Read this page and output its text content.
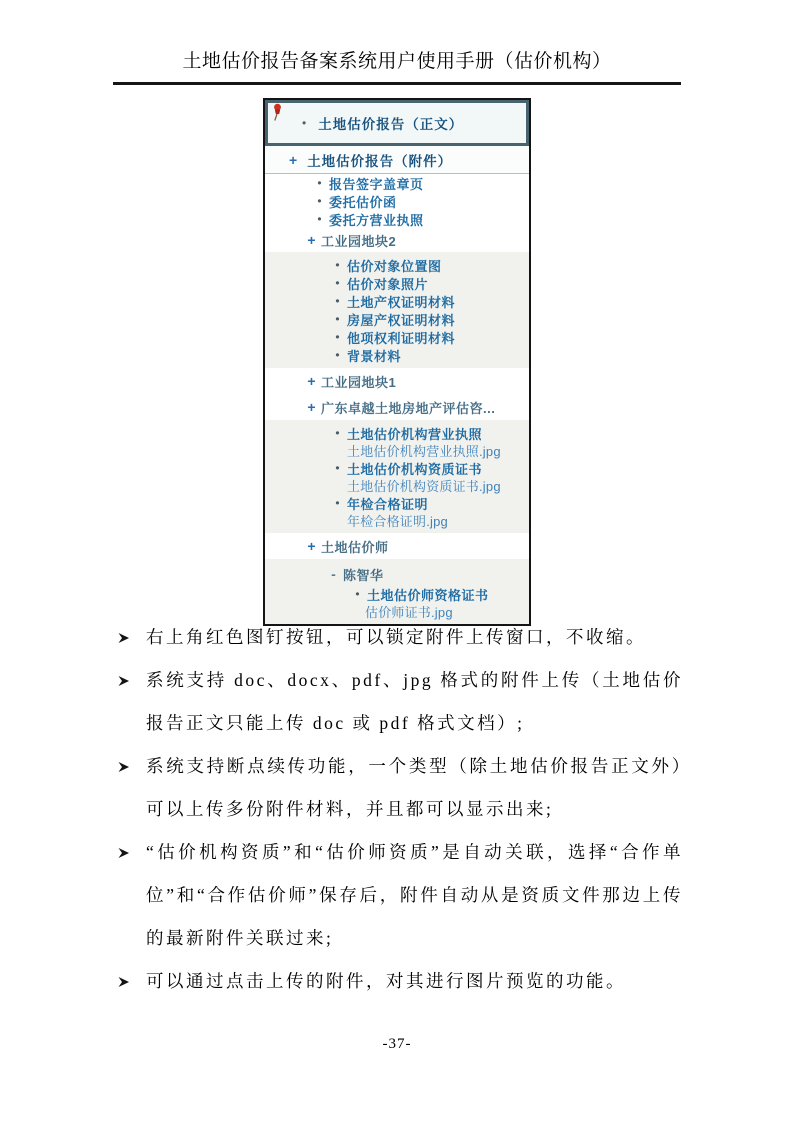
土地估价报告备案系统用户使用手册（估价机构）
• 土地估价报告（正文）
+ 土地估价报告（附件）
• 报告签字盖章页
• 委托估价函
• 委托方营业执照
+ 工业园地块2
• 估价对象位置图
• 估价对象照片
• 土地产权证明材料
• 房屋产权证明材料
• 他项权利证明材料
• 背景材料
+ 工业园地块1
+ 广东卓越土地房地产评估咨...
• 土地估价机构营业执照
土地估价机构营业执照.jpg
• 土地估价机构资质证书
土地估价机构资质证书.jpg
• 年检合格证明
年检合格证明.jpg
+ 土地估价师
- 陈智华
• 土地估价师资格证书
估价师证书.jpg
右上角红色图钉按钮，可以锁定附件上传窗口，不收缩。
系统支持 doc、docx、pdf、jpg 格式的附件上传（土地估价报告正文只能上传 doc 或 pdf 格式文档）;
系统支持断点续传功能，一个类型（除土地估价报告正文外）可以上传多份附件材料，并且都可以显示出来;
“估价机构资质”和“估价师资质”是自动关联，选择“合作单位”和“合作估价师”保存后，附件自动从是资质文件那边上传的最新附件关联过来;
可以通过点击上传的附件，对其进行图片预览的功能。
-37-
